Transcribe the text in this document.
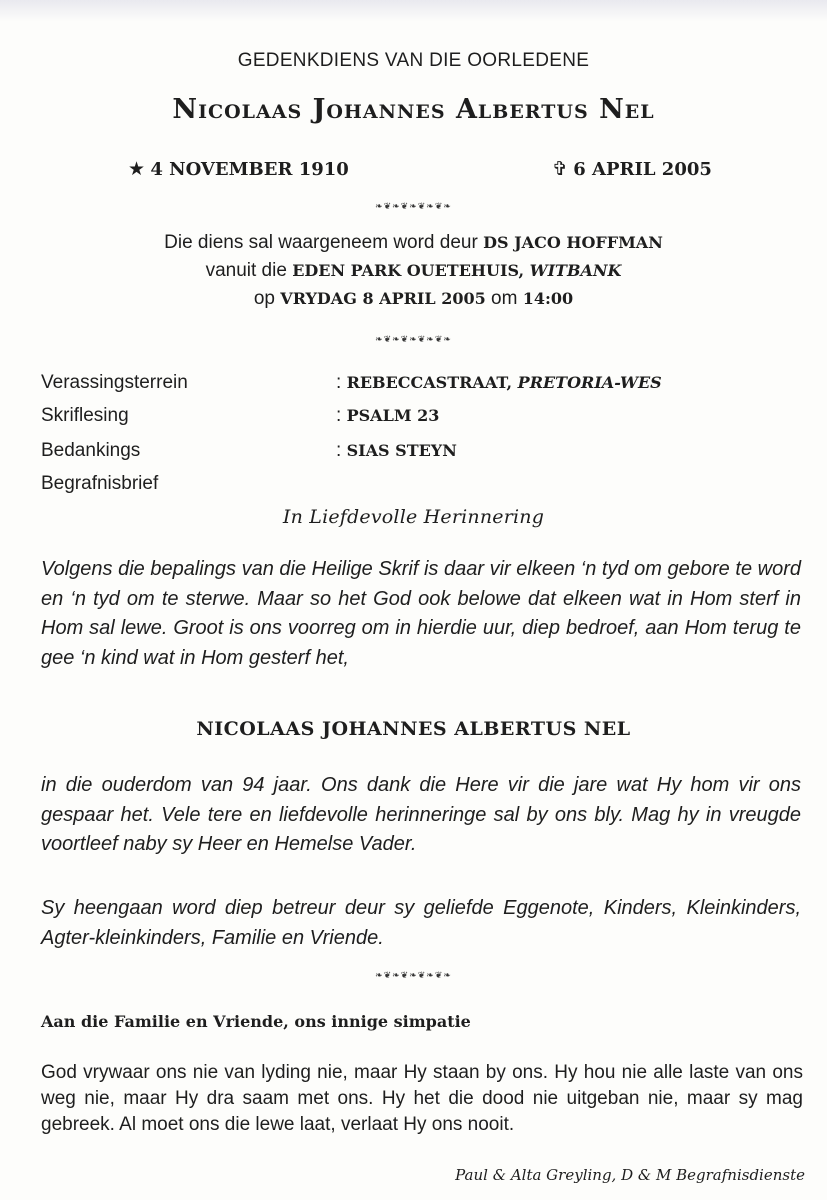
GEDENKDIENS VAN DIE OORLEDENE
Nicolaas Johannes Albertus Nel
★ 4 NOVEMBER 1910	✞ 6 APRIL 2005
❧❦❧❦❧❦❧❦❧
Die diens sal waargeneem word deur DS JACO HOFFMAN
vanuit die EDEN PARK OUETEHUIS, WITBANK
op VRYDAG 8 APRIL 2005 om 14:00
❧❦❧❦❧❦❧❦❧
Verassingsterrein	: REBECCASTRAAT, PRETORIA-WES
Skriflesing	: PSALM 23
Bedankings	: SIAS STEYN
Begrafnisbrief
In Liefdevolle Herinnering

Volgens die bepalings van die Heilige Skrif is daar vir elkeen ‘n tyd om gebore te word en ‘n tyd om te sterwe. Maar so het God ook belowe dat elkeen wat in Hom sterf in Hom sal lewe. Groot is ons voorreg om in hierdie uur, diep bedroef, aan Hom terug te gee ‘n kind wat in Hom gesterf het,

NICOLAAS JOHANNES ALBERTUS NEL

in die ouderdom van 94 jaar. Ons dank die Here vir die jare wat Hy hom vir ons gespaar het. Vele tere en liefdevolle herinneringe sal by ons bly. Mag hy in vreugde voortleef naby sy Heer en Hemelse Vader.

Sy heengaan word diep betreur deur sy geliefde Eggenote, Kinders, Kleinkinders, Agter-kleinkinders, Familie en Vriende.

❧❦❧❦❧❦❧❦❧
Aan die Familie en Vriende, ons innige simpatie

God vrywaar ons nie van lyding nie, maar Hy staan by ons. Hy hou nie alle laste van ons weg nie, maar Hy dra saam met ons. Hy het die dood nie uitgeban nie, maar sy mag gebreek. Al moet ons die lewe laat, verlaat Hy ons nooit.

Paul & Alta Greyling, D & M Begrafnisdienste
